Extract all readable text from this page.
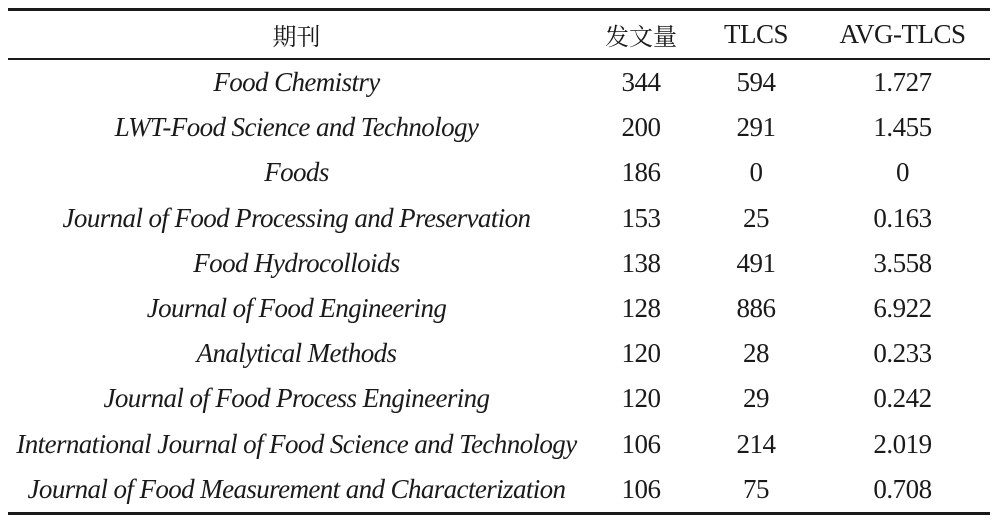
期刊	发文量	TLCS	AVG-TLCS
Food Chemistry	344	594	1.727
LWT-Food Science and Technology	200	291	1.455
Foods	186	0	0
Journal of Food Processing and Preservation	153	25	0.163
Food Hydrocolloids	138	491	3.558
Journal of Food Engineering	128	886	6.922
Analytical Methods	120	28	0.233
Journal of Food Process Engineering	120	29	0.242
International Journal of Food Science and Technology	106	214	2.019
Journal of Food Measurement and Characterization	106	75	0.708
